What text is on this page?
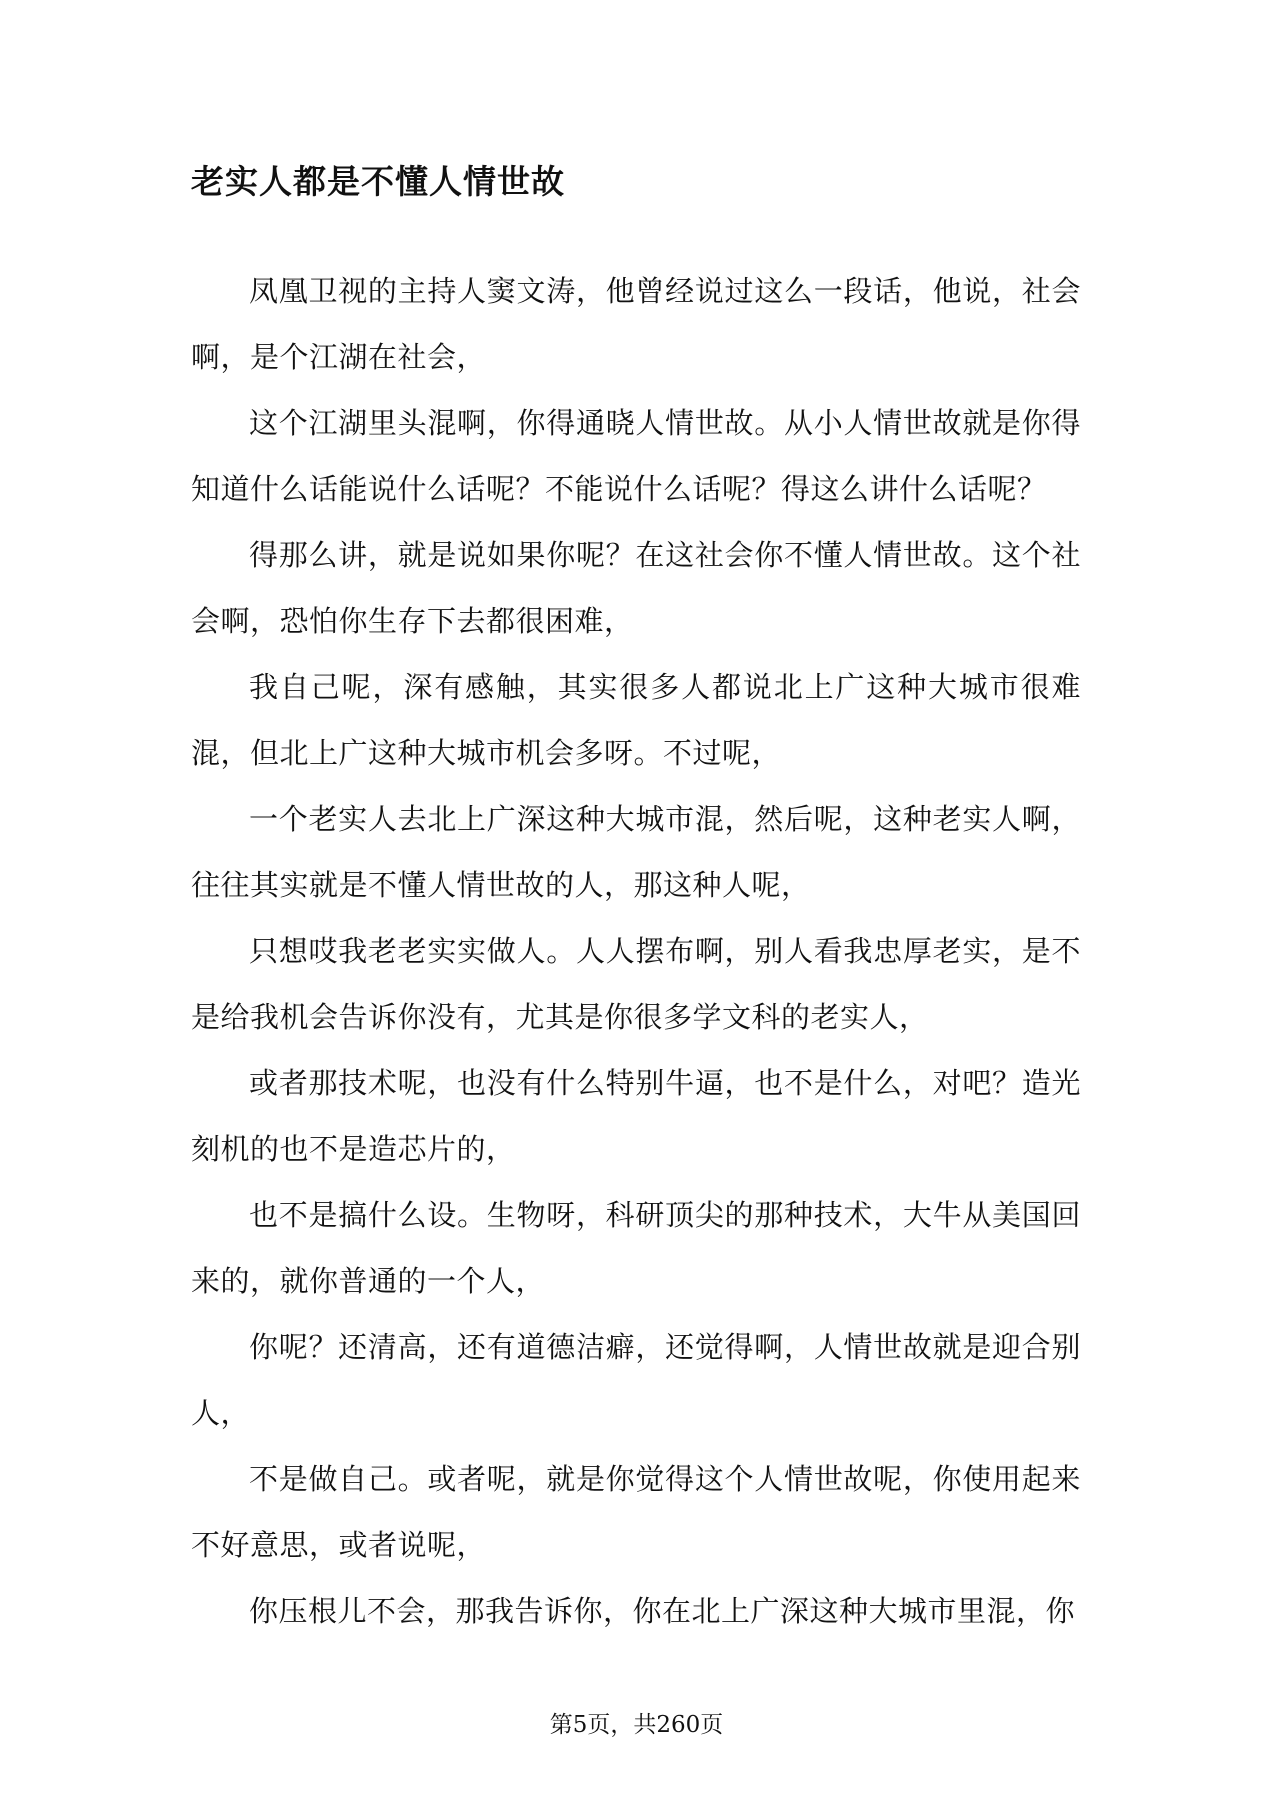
老实人都是不懂人情世故

凤凰卫视的主持人窦文涛，他曾经说过这么一段话，他说，社会啊，是个江湖在社会，

这个江湖里头混啊，你得通晓人情世故。从小人情世故就是你得知道什么话能说什么话呢？不能说什么话呢？得这么讲什么话呢？

得那么讲，就是说如果你呢？在这社会你不懂人情世故。这个社会啊，恐怕你生存下去都很困难，

我自己呢，深有感触，其实很多人都说北上广这种大城市很难混，但北上广这种大城市机会多呀。不过呢，

一个老实人去北上广深这种大城市混，然后呢，这种老实人啊，往往其实就是不懂人情世故的人，那这种人呢，

只想哎我老老实实做人。人人摆布啊，别人看我忠厚老实，是不是给我机会告诉你没有，尤其是你很多学文科的老实人，

或者那技术呢，也没有什么特别牛逼，也不是什么，对吧？造光刻机的也不是造芯片的，

也不是搞什么设。生物呀，科研顶尖的那种技术，大牛从美国回来的，就你普通的一个人，

你呢？还清高，还有道德洁癖，还觉得啊，人情世故就是迎合别人，

不是做自己。或者呢，就是你觉得这个人情世故呢，你使用起来不好意思，或者说呢，

你压根儿不会，那我告诉你，你在北上广深这种大城市里混，你

第5页，共260页
